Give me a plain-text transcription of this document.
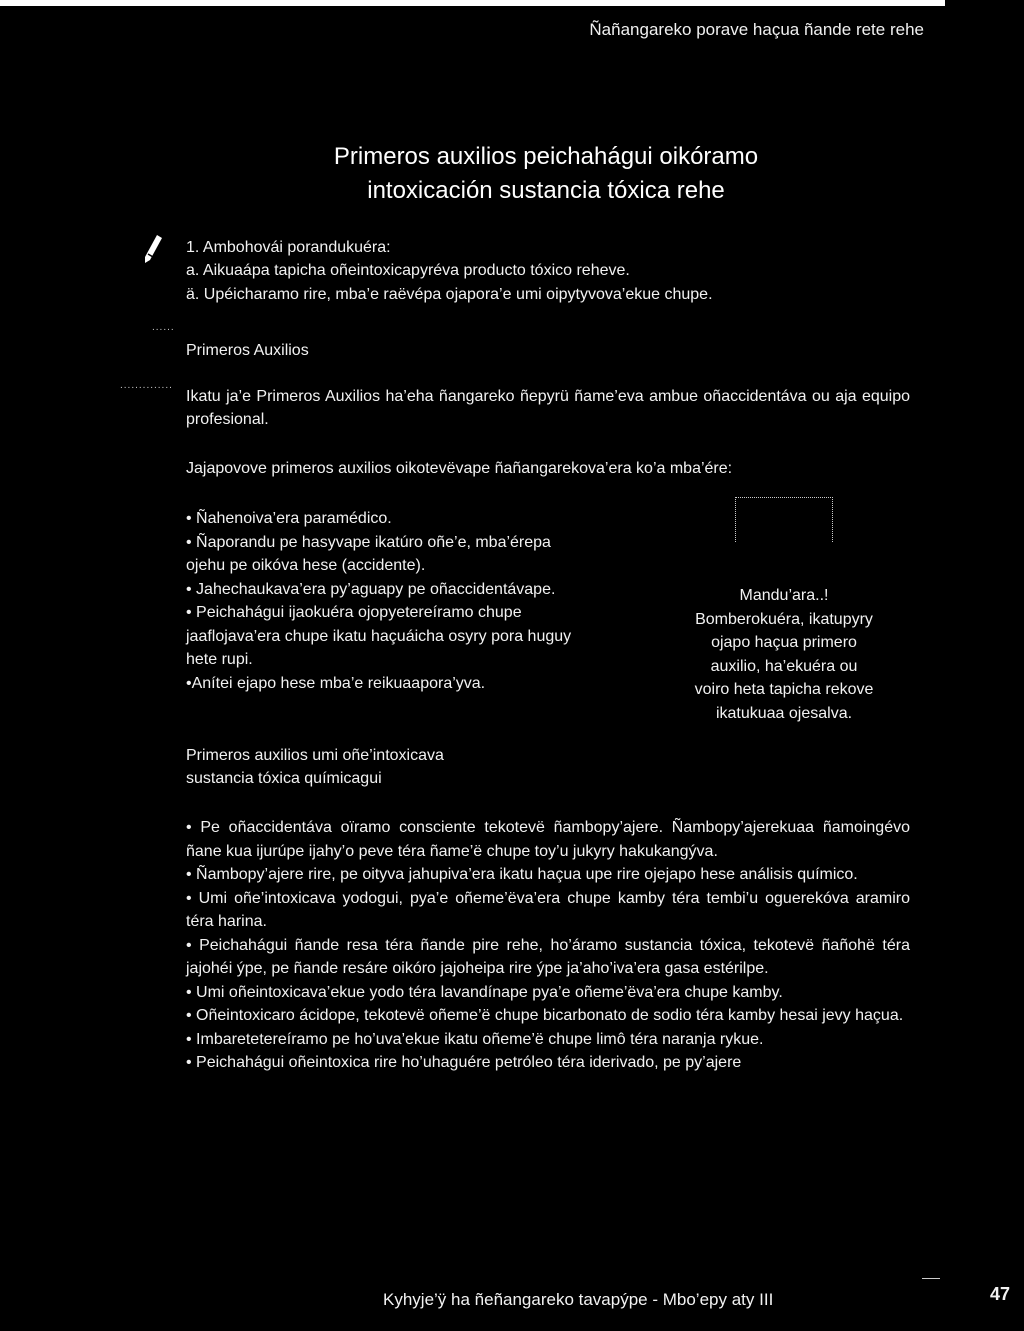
Ñañangareko porave haçua ñande rete rehe
Primeros auxilios peichahágui oikóramo
intoxicación sustancia tóxica rehe
1. Ambohovái porandukuéra:
a. Aikuaápa tapicha oñeintoxicapyréva producto tóxico reheve.
ä. Upéicharamo rire, mba’e raëvépa ojapora’e umi oipytyvova’ekue chupe.
......
Primeros Auxilios
..............
Ikatu ja’e Primeros Auxilios ha’eha ñangareko ñepyrü ñame’eva ambue oñaccidentáva ou aja equipo profesional.
Jajapovove primeros auxilios oikotevëvape ñañangarekova’era ko’a mba’ére:
• Ñahenoiva’era paramédico.
• Ñaporandu pe hasyvape ikatúro oñe’e, mba’érepa ojehu pe oikóva hese (accidente).
• Jahechaukava’era py’aguapy pe oñaccidentávape.
• Peichahágui ijaokuéra ojopyetereíramo chupe jaaflojava’era chupe ikatu haçuáicha osyry pora huguy hete rupi.
•Anítei ejapo hese mba’e reikuaapora’yva.
Mandu’ara..!
Bomberokuéra, ikatupyry
ojapo haçua primero
auxilio, ha’ekuéra ou
voiro heta tapicha rekove
ikatukuaa ojesalva.
Primeros auxilios umi oñe’intoxicava
sustancia tóxica químicagui
• Pe oñaccidentáva oïramo consciente tekotevë ñambopy’ajere. Ñambopy’ajerekuaa ñamoingévo ñane kua ijurúpe ijahy’o peve téra ñame’ë chupe toy’u jukyry hakukangýva.
• Ñambopy’ajere rire, pe oityva jahupiva’era ikatu haçua upe rire ojejapo hese análisis químico.
• Umi oñe’intoxicava yodogui, pya’e oñeme’ëva’era chupe kamby téra tembi’u oguerekóva aramiro téra harina.
• Peichahágui ñande resa téra ñande pire rehe, ho’áramo sustancia tóxica, tekotevë ñañohë téra jajohéi ýpe, pe ñande resáre oikóro jajoheipa rire ýpe ja’aho’iva’era gasa estérilpe.
• Umi oñeintoxicava’ekue yodo téra lavandínape pya’e oñeme’ëva’era chupe kamby.
• Oñeintoxicaro ácidope, tekotevë oñeme’ë chupe bicarbonato de sodio téra kamby hesai jevy haçua.
• Imbaretetereíramo pe ho’uva’ekue ikatu oñeme’ë chupe limô téra naranja rykue.
• Peichahágui oñeintoxica rire ho’uhaguére petróleo téra iderivado, pe py’ajere
Kyhyje’ÿ ha ñeñangareko tavapýpe - Mbo’epy aty III	47
